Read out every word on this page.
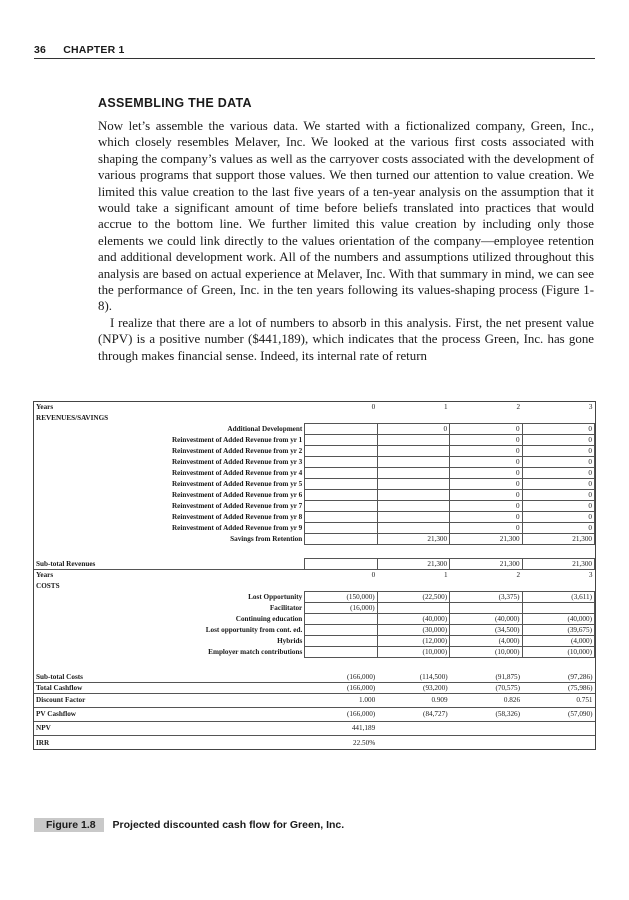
36 CHAPTER 1
ASSEMBLING THE DATA

Now let’s assemble the various data. We started with a fictionalized company, Green, Inc., which closely resembles Melaver, Inc. We looked at the various first costs associated with shaping the company’s values as well as the carryover costs associated with the development of various programs that support those values. We then turned our attention to value creation. We limited this value creation to the last five years of a ten-year analysis on the assumption that it would take a significant amount of time before beliefs translated into practices that would accrue to the bottom line. We further limited this value creation by including only those elements we could link directly to the values orientation of the company—employee retention and additional development work. All of the numbers and assumptions utilized throughout this analysis are based on actual experience at Melaver, Inc. With that summary in mind, we can see the performance of Green, Inc. in the ten years following its values-shaping process (Figure 1-8).

I realize that there are a lot of numbers to absorb in this analysis. First, the net present value (NPV) is a positive number ($441,189), which indicates that the process Green, Inc. has gone through makes financial sense. Indeed, its internal rate of return

Years	0	1	2	3
REVENUES/SAVINGS				
Additional Development		0	0	0
Reinvestment of Added Revenue from yr 1			0	0
Reinvestment of Added Revenue from yr 2			0	0
Reinvestment of Added Revenue from yr 3			0	0
Reinvestment of Added Revenue from yr 4			0	0
Reinvestment of Added Revenue from yr 5			0	0
Reinvestment of Added Revenue from yr 6			0	0
Reinvestment of Added Revenue from yr 7			0	0
Reinvestment of Added Revenue from yr 8			0	0
Reinvestment of Added Revenue from yr 9			0	0
Savings from Retention		21,300	21,300	21,300

Sub-total Revenues		21,300	21,300	21,300
Years	0	1	2	3
COSTS				
Lost Opportunity	(150,000)	(22,500)	(3,375)	(3,611)
Facilitator	(16,000)			
Continuing education		(40,000)	(40,000)	(40,000)
Lost opportunity from cont. ed.		(30,000)	(34,500)	(39,675)
Hybrids		(12,000)	(4,000)	(4,000)
Employer match contributions		(10,000)	(10,000)	(10,000)

Sub-total Costs	(166,000)	(114,500)	(91,875)	(97,286)
Total Cashflow	(166,000)	(93,200)	(70,575)	(75,986)
Discount Factor	1.000	0.909	0.826	0.751
PV Cashflow	(166,000)	(84,727)	(58,326)	(57,090)
NPV	441,189			
IRR	22.50%			
Figure 1.8 Projected discounted cash flow for Green, Inc.
